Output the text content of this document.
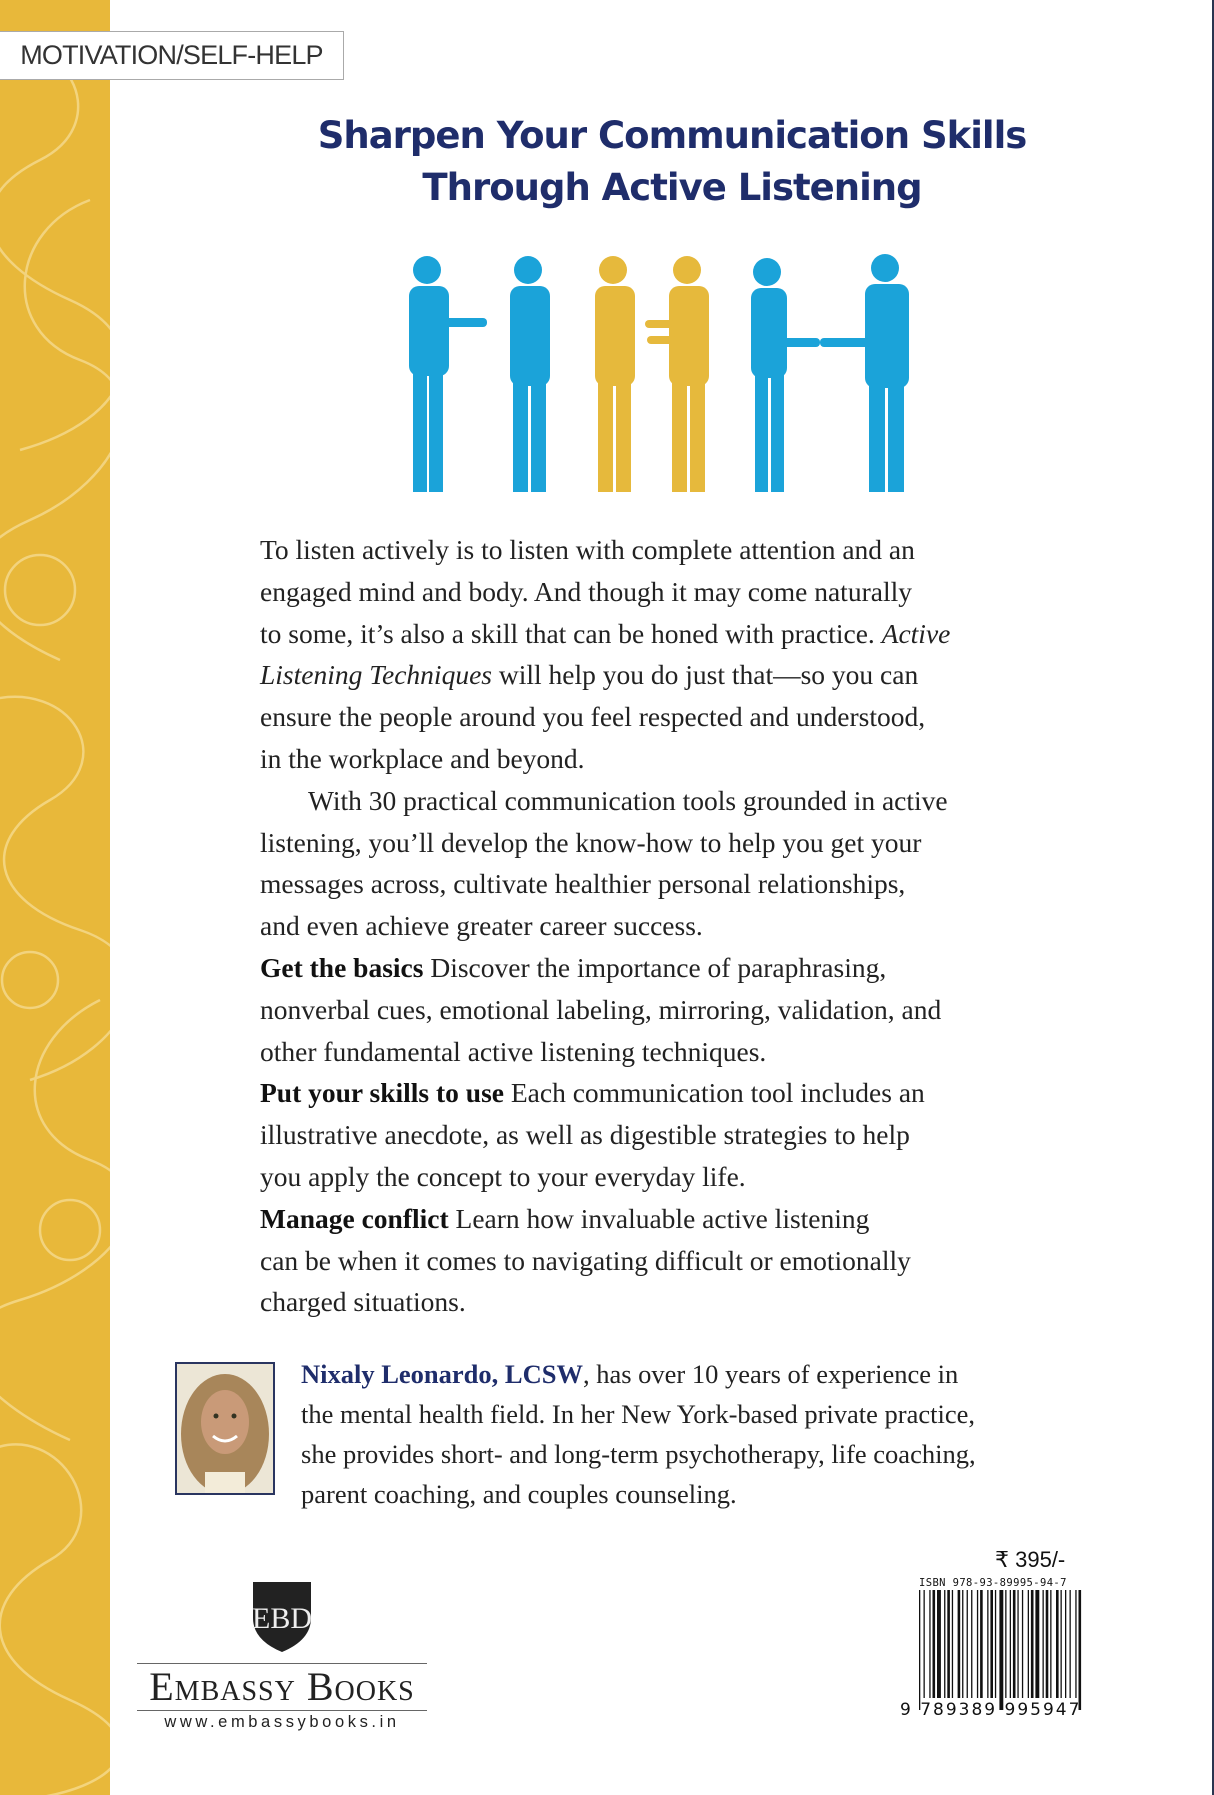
MOTIVATION/SELF-HELP
Sharpen Your Communication Skills
Through Active Listening
To listen actively is to listen with complete attention and an
engaged mind and body. And though it may come naturally
to some, it’s also a skill that can be honed with practice. Active
Listening Techniques will help you do just that—so you can
ensure the people around you feel respected and understood,
in the workplace and beyond.
With 30 practical communication tools grounded in active
listening, you’ll develop the know-how to help you get your
messages across, cultivate healthier personal relationships,
and even achieve greater career success.
Get the basics Discover the importance of paraphrasing,
nonverbal cues, emotional labeling, mirroring, validation, and
other fundamental active listening techniques.
Put your skills to use Each communication tool includes an
illustrative anecdote, as well as digestible strategies to help
you apply the concept to your everyday life.
Manage conflict Learn how invaluable active listening
can be when it comes to navigating difficult or emotionally
charged situations.
Nixaly Leonardo, LCSW, has over 10 years of experience in
the mental health field. In her New York-based private practice,
she provides short- and long-term psychotherapy, life coaching,
parent coaching, and couples counseling.
EBD
Embassy Books
www.embassybooks.in
₹ 395/-
ISBN 978-93-89995-94-7
9 789389 995947
